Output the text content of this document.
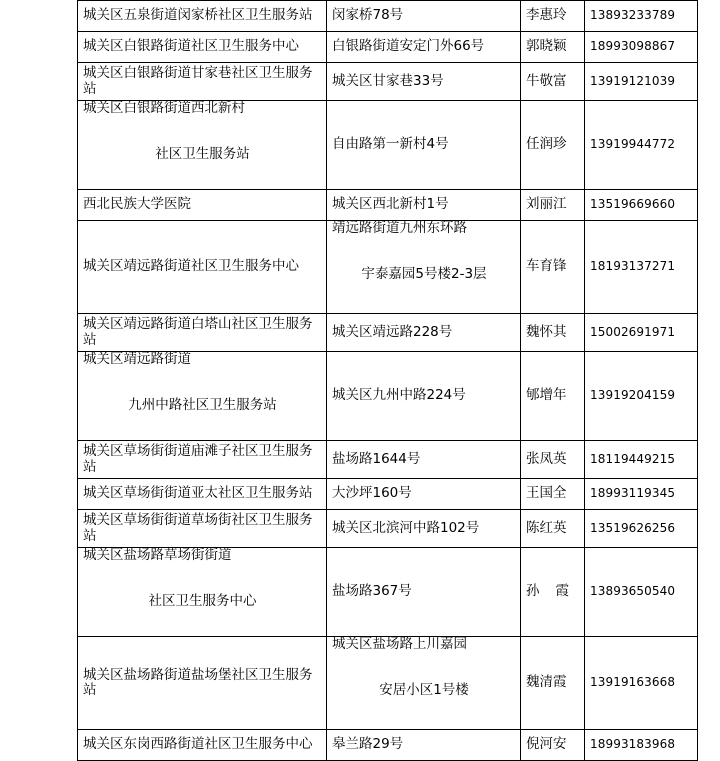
城关区五泉街道闵家桥社区卫生服务站	闵家桥78号	李惠玲	13893233789

城关区白银路街道社区卫生服务中心	白银路街道安定门外66号	郭晓颖	18993098867

城关区白银路街道甘家巷社区卫生服务站	城关区甘家巷33号	牛敬富	13919121039

城关区白银路街道西北新村
社区卫生服务站	自由路第一新村4号	任润珍	13919944772

西北民族大学医院	城关区西北新村1号	刘丽江	13519669660

城关区靖远路街道社区卫生服务中心	靖远路街道九州东环路
宇泰嘉园5号楼2-3层	车育锋	18193137271

城关区靖远路街道白塔山社区卫生服务站	城关区靖远路228号	魏怀其	15002691971

城关区靖远路街道
九州中路社区卫生服务站	城关区九州中路224号	郇增年	13919204159

城关区草场街街道庙滩子社区卫生服务站	盐场路1644号	张凤英	18119449215

城关区草场街街道亚太社区卫生服务站	大沙坪160号	王国全	18993119345

城关区草场街街道草场街社区卫生服务站	城关区北滨河中路102号	陈红英	13519626256

城关区盐场路草场街街道
社区卫生服务中心	盐场路367号	孙 霞	13893650540

城关区盐场路街道盐场堡社区卫生服务站	城关区盐场路上川嘉园
安居小区1号楼	魏清霞	13919163668

城关区东岗西路街道社区卫生服务中心	皋兰路29号	倪河安	18993183968
